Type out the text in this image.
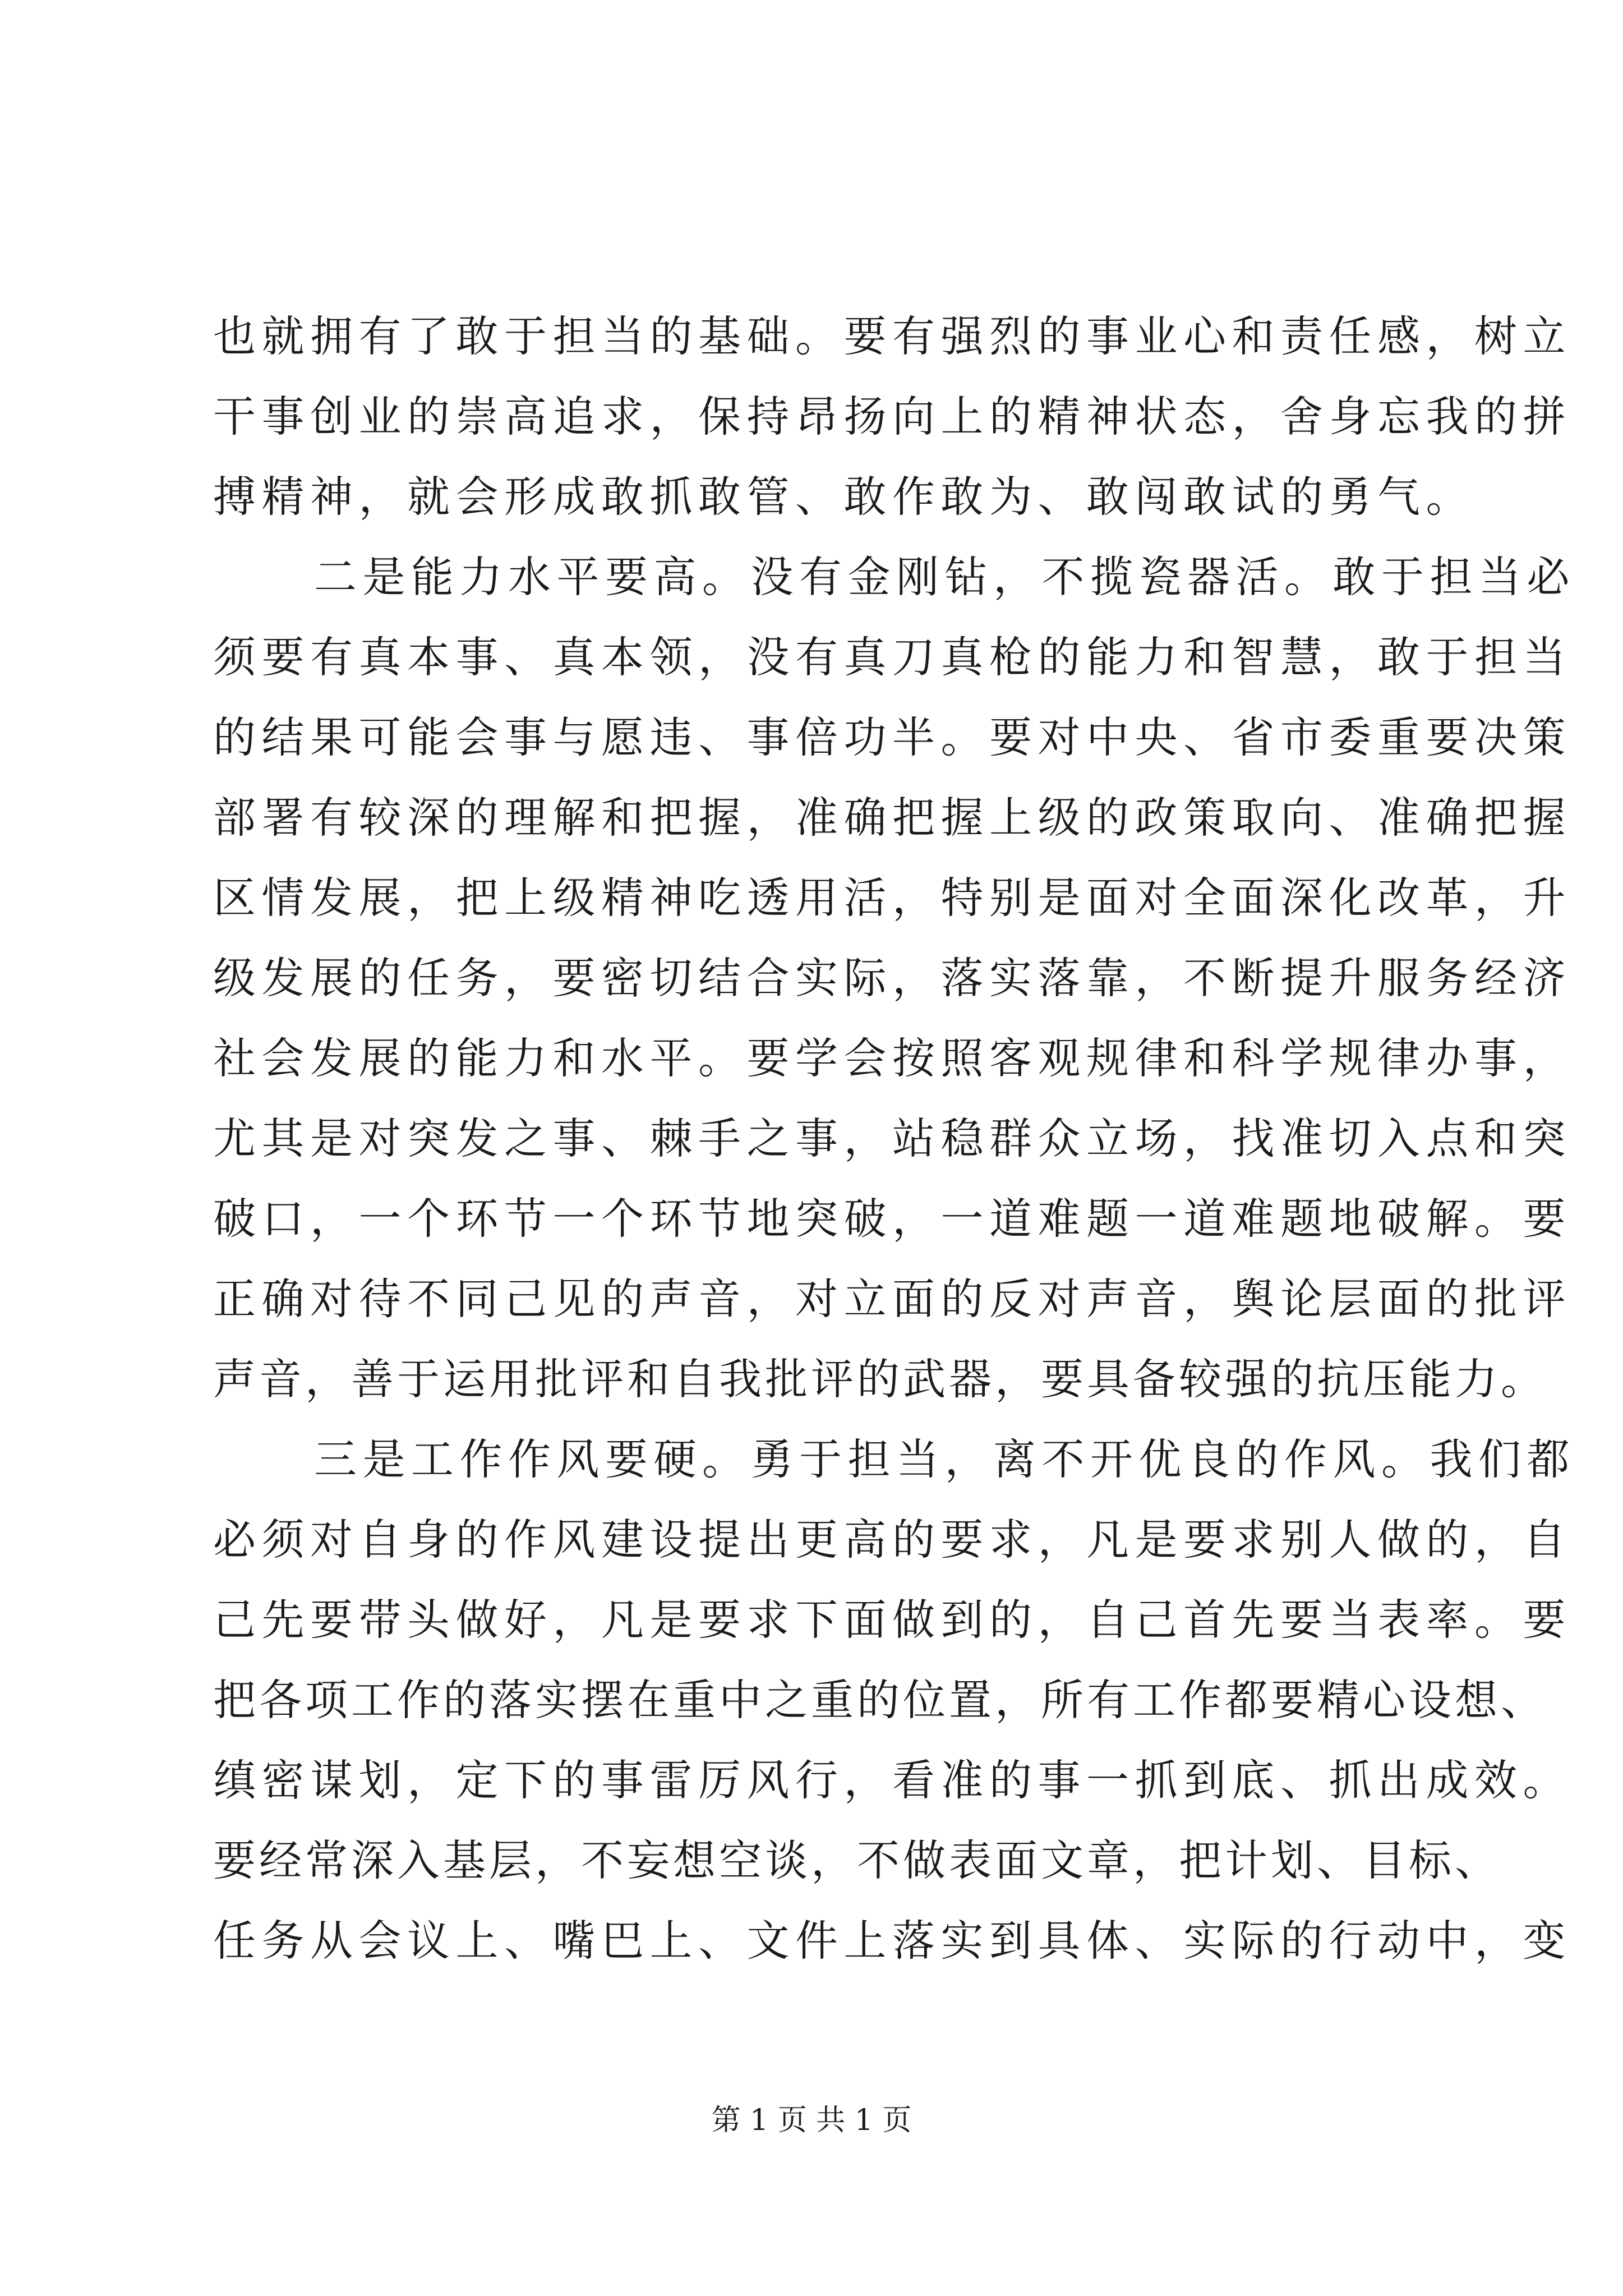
也就拥有了敢于担当的基础。要有强烈的事业心和责任感，树立
干事创业的崇高追求，保持昂扬向上的精神状态，舍身忘我的拼
搏精神，就会形成敢抓敢管、敢作敢为、敢闯敢试的勇气。
二是能力水平要高。没有金刚钻，不揽瓷器活。敢于担当必
须要有真本事、真本领，没有真刀真枪的能力和智慧，敢于担当
的结果可能会事与愿违、事倍功半。要对中央、省市委重要决策
部署有较深的理解和把握，准确把握上级的政策取向、准确把握
区情发展，把上级精神吃透用活，特别是面对全面深化改革，升
级发展的任务，要密切结合实际，落实落靠，不断提升服务经济
社会发展的能力和水平。要学会按照客观规律和科学规律办事，
尤其是对突发之事、棘手之事，站稳群众立场，找准切入点和突
破口，一个环节一个环节地突破，一道难题一道难题地破解。要
正确对待不同己见的声音，对立面的反对声音，舆论层面的批评
声音，善于运用批评和自我批评的武器，要具备较强的抗压能力。
三是工作作风要硬。勇于担当，离不开优良的作风。我们都
必须对自身的作风建设提出更高的要求，凡是要求别人做的，自
己先要带头做好，凡是要求下面做到的，自己首先要当表率。要
把各项工作的落实摆在重中之重的位置，所有工作都要精心设想、
缜密谋划，定下的事雷厉风行，看准的事一抓到底、抓出成效。
要经常深入基层，不妄想空谈，不做表面文章，把计划、目标、
任务从会议上、嘴巴上、文件上落实到具体、实际的行动中，变
第 1 页 共 1 页
